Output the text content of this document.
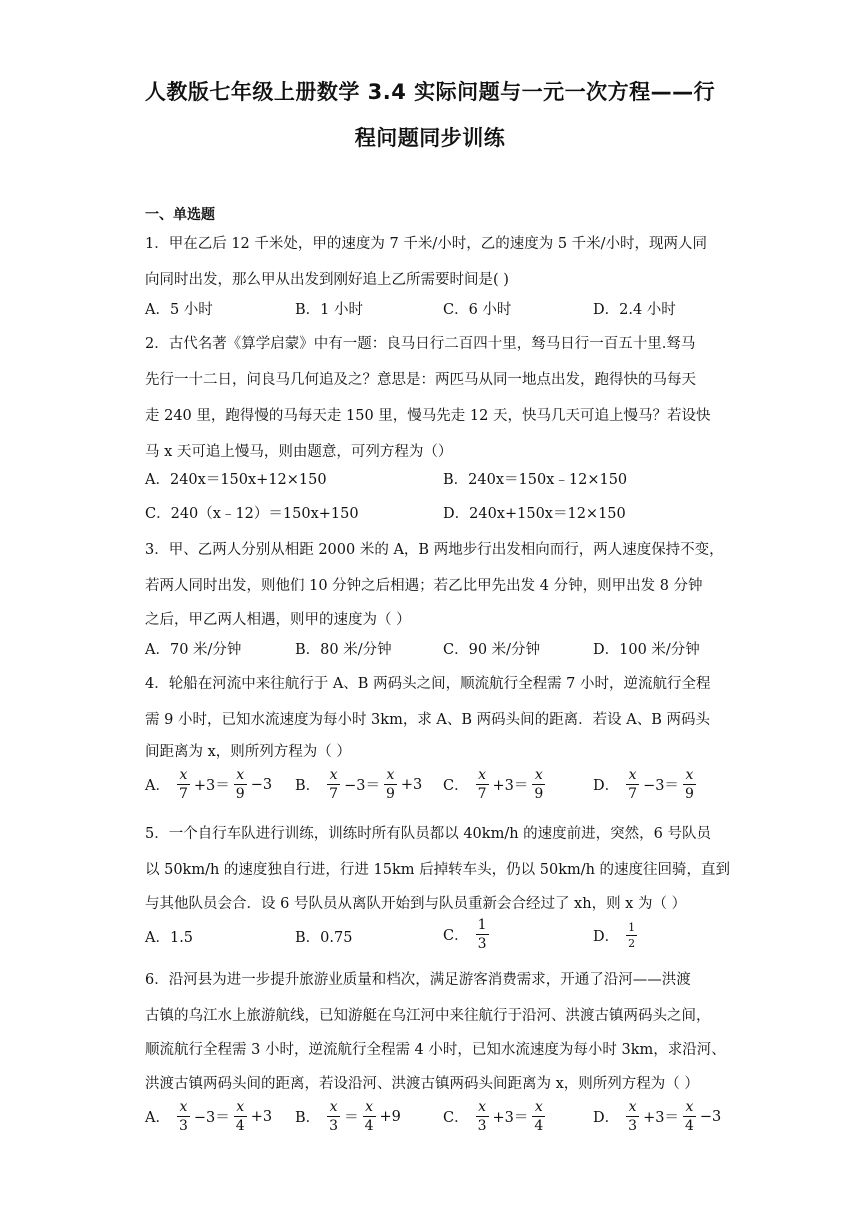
人教版七年级上册数学 3.4 实际问题与一元一次方程——行
程问题同步训练
一、单选题
1．甲在乙后 12 千米处，甲的速度为 7 千米/小时，乙的速度为 5 千米/小时，现两人同
向同时出发，那么甲从出发到刚好追上乙所需要时间是( )
A．5 小时	B．1 小时	C．6 小时	D．2.4 小时
2．古代名著《算学启蒙》中有一题：良马日行二百四十里，驽马日行一百五十里.驽马
先行一十二日，问良马几何追及之？意思是：两匹马从同一地点出发，跑得快的马每天
走 240 里，跑得慢的马每天走 150 里，慢马先走 12 天，快马几天可追上慢马？若设快
马 x 天可追上慢马，则由题意，可列方程为（）
A．240x＝150x+12×150	B．240x＝150x﹣12×150
C．240（x﹣12）＝150x+150	D．240x+150x＝12×150
3．甲、乙两人分别从相距 2000 米的 A，B 两地步行出发相向而行，两人速度保持不变，
若两人同时出发，则他们 10 分钟之后相遇；若乙比甲先出发 4 分钟，则甲出发 8 分钟
之后，甲乙两人相遇，则甲的速度为（ ）
A．70 米/分钟	B．80 米/分钟	C．90 米/分钟	D．100 米/分钟
4．轮船在河流中来往航行于 A、B 两码头之间，顺流航行全程需 7 小时，逆流航行全程
需 9 小时，已知水流速度为每小时 3km，求 A、B 两码头间的距离．若设 A、B 两码头
间距离为 x，则所列方程为（ ）
A． $\frac{x}{7} +3= \frac{x}{9} -3$ B． $\frac{x}{7} -3= \frac{x}{9} +3$ C． $\frac{x}{7} +3= \frac{x}{9}$	D． $\frac{x}{7} -3= \frac{x}{9}$
5．一个自行车队进行训练，训练时所有队员都以 40km/h 的速度前进，突然，6 号队员
以 50km/h 的速度独自行进，行进 15km 后掉转车头，仍以 50km/h 的速度往回骑，直到
与其他队员会合．设 6 号队员从离队开始到与队员重新会合经过了 xh，则 x 为（ ）
A．1.5	B．0.75	C． $\frac{1}{3}$	D． $\frac{1}{2}$
6．沿河县为进一步提升旅游业质量和档次，满足游客消费需求，开通了沿河——洪渡
古镇的乌江水上旅游航线，已知游艇在乌江河中来往航行于沿河、洪渡古镇两码头之间，
顺流航行全程需 3 小时，逆流航行全程需 4 小时，已知水流速度为每小时 3km，求沿河、
洪渡古镇两码头间的距离，若设沿河、洪渡古镇两码头间距离为 x，则所列方程为（ ）
A． $\frac{x}{3} -3= \frac{x}{4} +3$ B． $\frac{x}{3} = \frac{x}{4} +9$	C． $\frac{x}{3} +3= \frac{x}{4}$	D． $\frac{x}{3} +3= \frac{x}{4} -3$
